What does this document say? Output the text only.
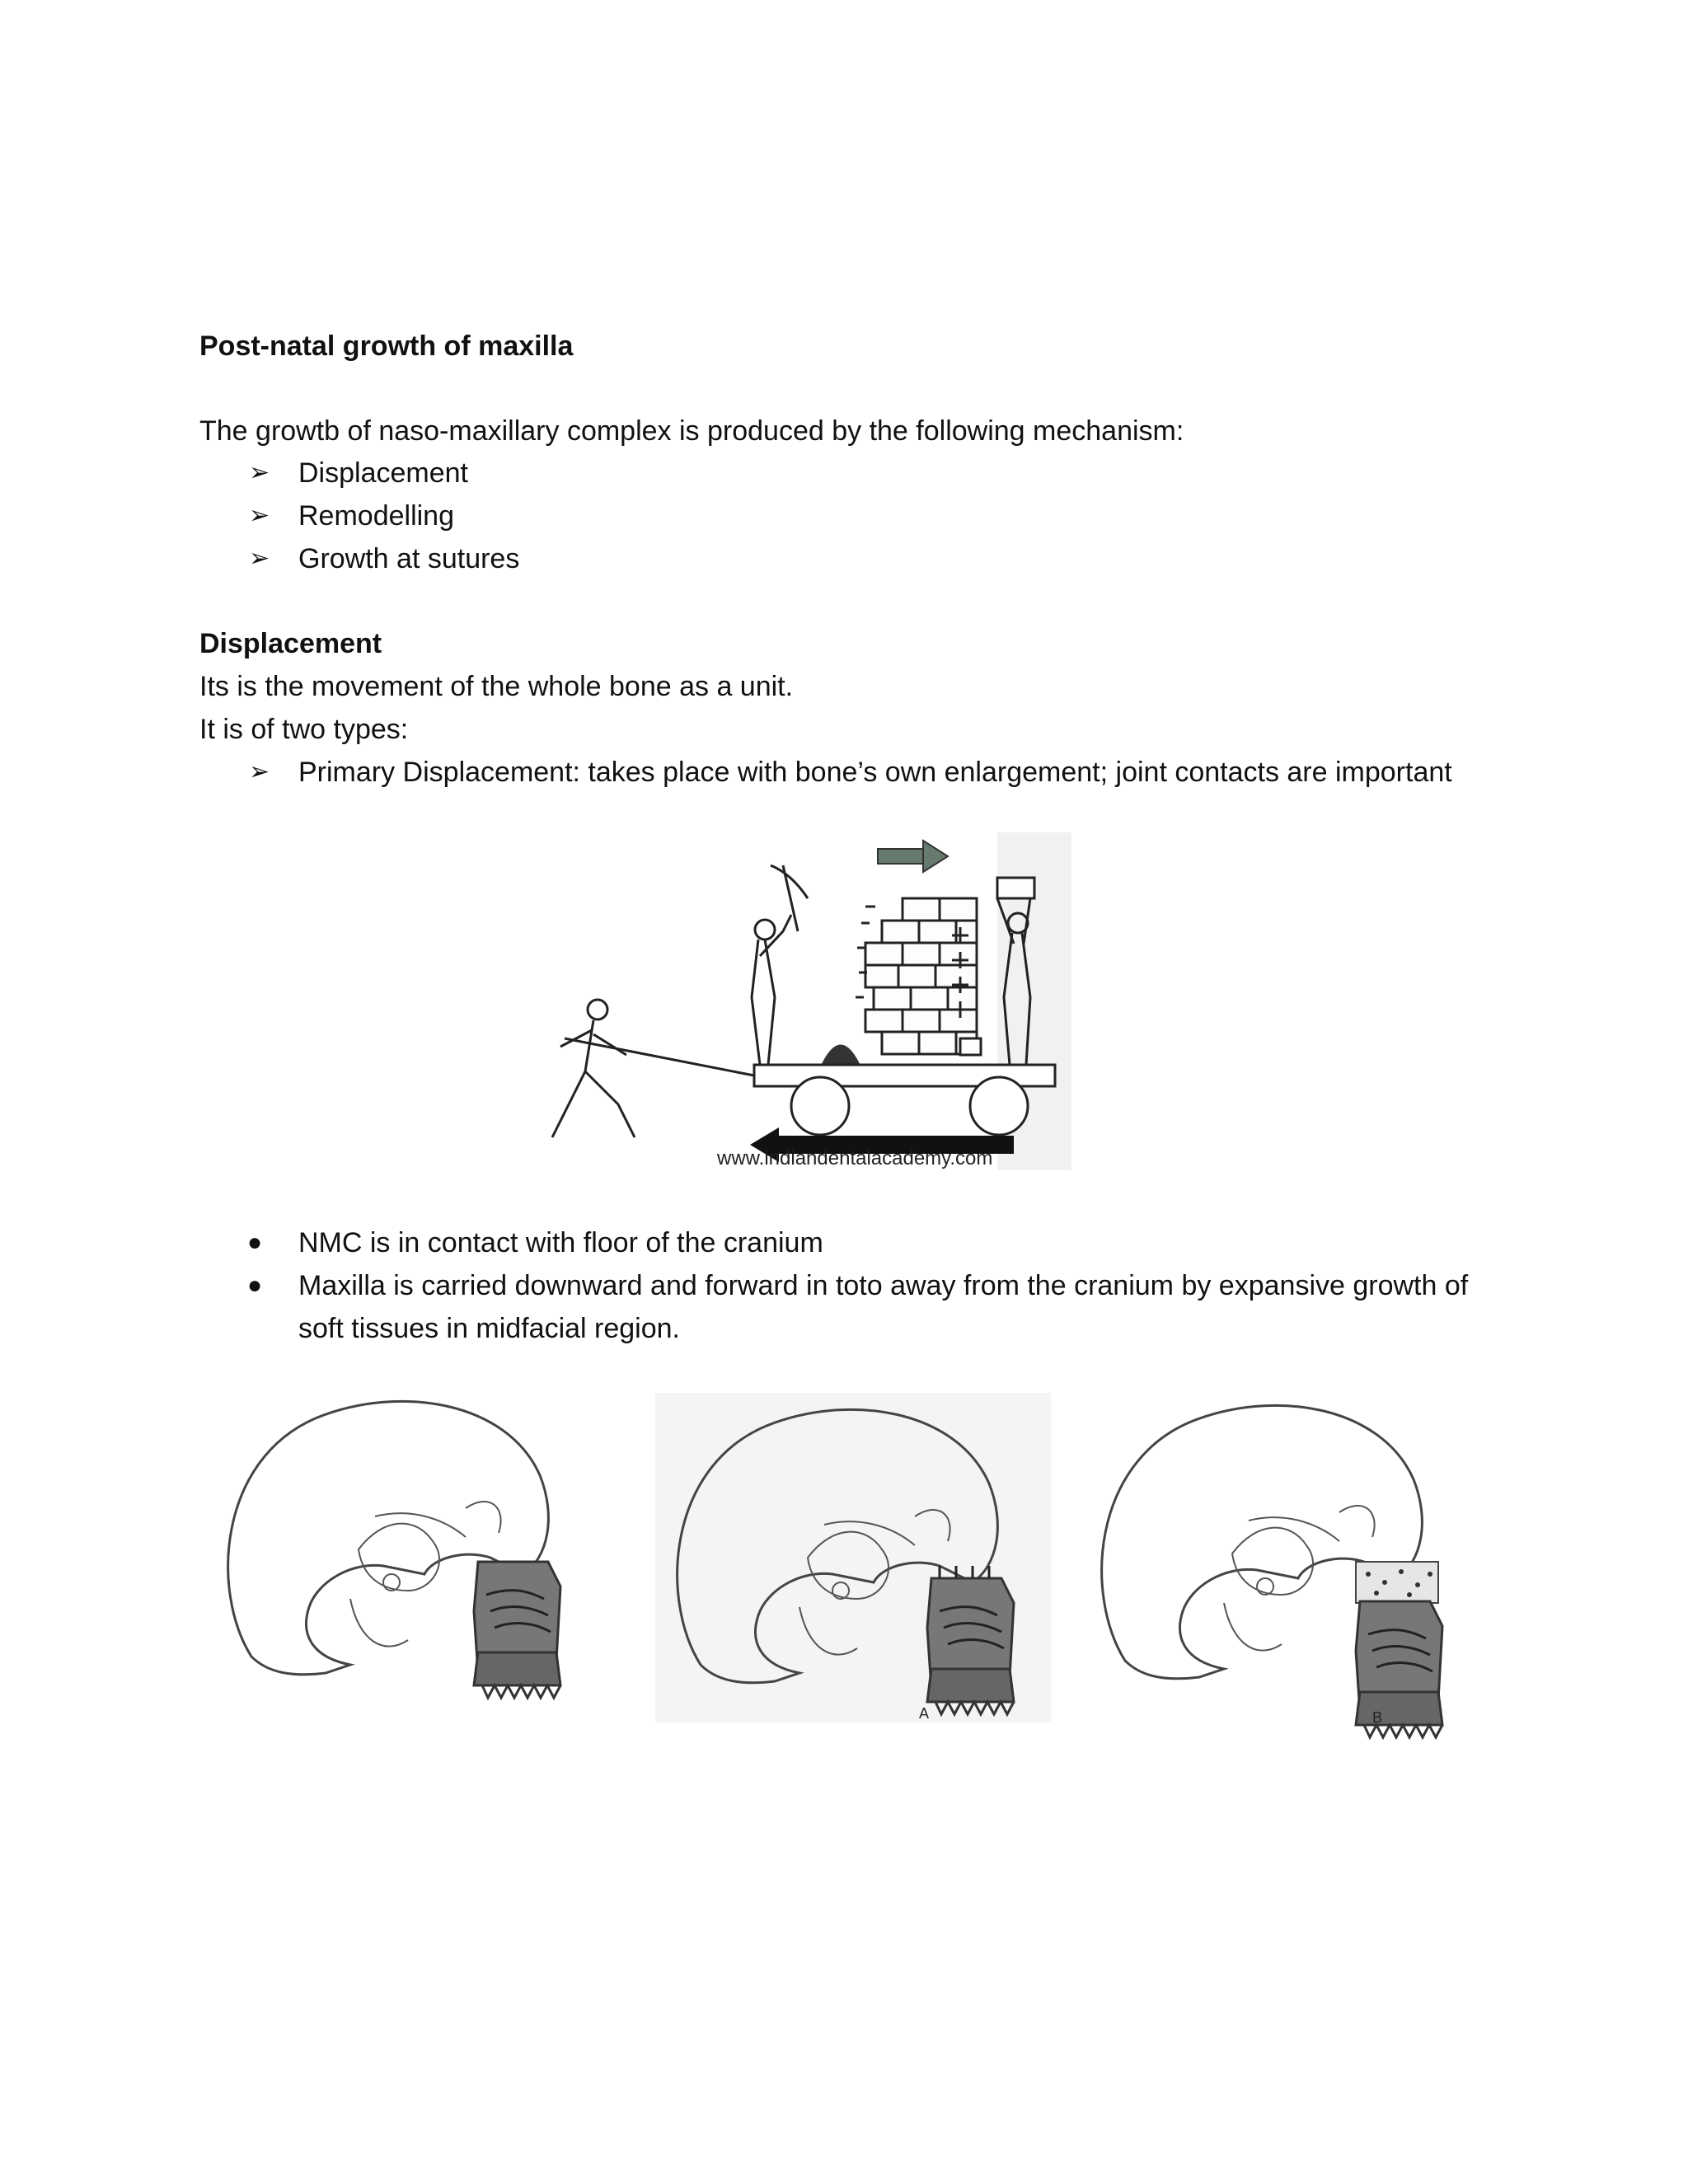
Post-natal growth of maxilla
The growtb of naso-maxillary complex is produced by the following mechanism:
➢	Displacement
➢	Remodelling
➢	Growth at sutures
Displacement
Its is the movement of the whole bone as a unit.
It is of two types:
➢	Primary Displacement: takes place with bone’s own enlargement; joint contacts are important
www.indiandentalacademy.com
●	NMC is in contact with floor of the cranium
●	Maxilla is carried downward and forward in toto away from the cranium by expansive growth of
soft tissues in midfacial region.
A	B
